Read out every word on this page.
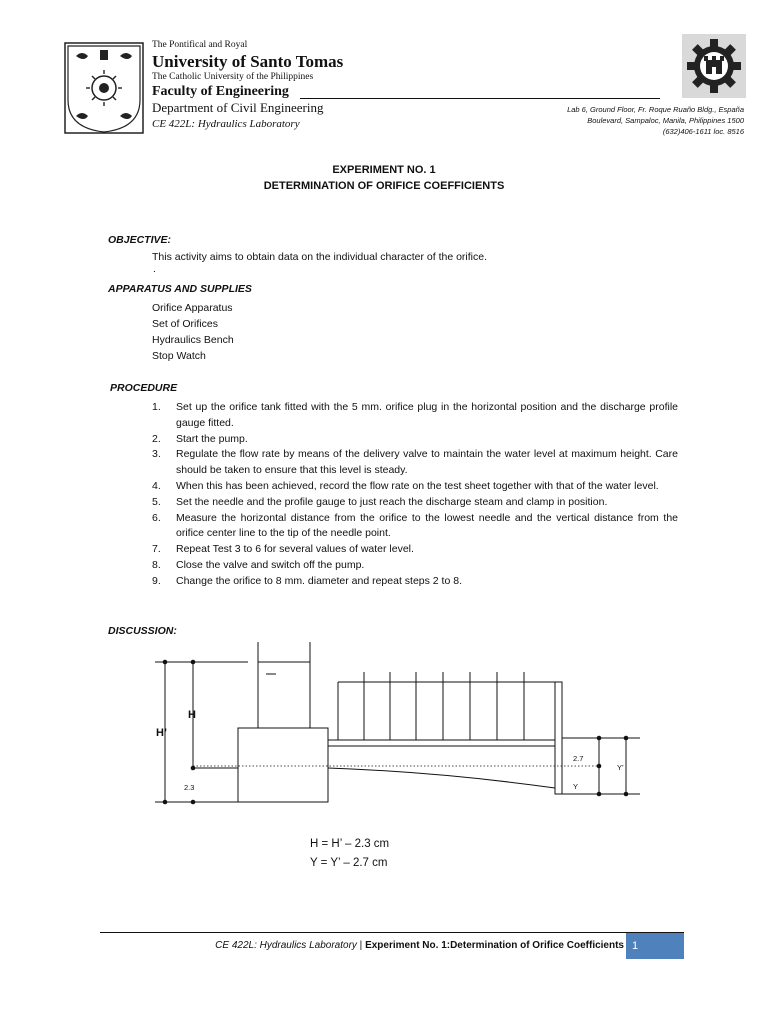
The Pontifical and Royal
University of Santo Tomas
The Catholic University of the Philippines
Faculty of Engineering
Department of Civil Engineering
CE 422L: Hydraulics Laboratory
Lab 6, Ground Floor, Fr. Roque Ruaño Bldg., España
Boulevard, Sampaloc, Manila, Philippines 1500
(632)406-1611 loc. 8516
EXPERIMENT NO. 1
DETERMINATION OF ORIFICE COEFFICIENTS
OBJECTIVE:
This activity aims to obtain data on the individual character of the orifice.
.
APPARATUS AND SUPPLIES
Orifice Apparatus
Set of Orifices
Hydraulics Bench
Stop Watch
PROCEDURE
1.	Set up the orifice tank fitted with the 5 mm. orifice plug in the horizontal position and the discharge profile gauge fitted.
2.	Start the pump.
3.	Regulate the flow rate by means of the delivery valve to maintain the water level at maximum height. Care should be taken to ensure that this level is steady.
4.	When this has been achieved, record the flow rate on the test sheet together with that of the water level.
5.	Set the needle and the profile gauge to just reach the discharge steam and clamp in position.
6.	Measure the horizontal distance from the orifice to the lowest needle and the vertical distance from the orifice center line to the tip of the needle point.
7.	Repeat Test 3 to 6 for several values of water level.
8.	Close the valve and switch off the pump.
9.	Change the orifice to 8 mm. diameter and repeat steps 2 to 8.
DISCUSSION:
H
H’
2.3
2.7
Y
Y’
H = H’ – 2.3 cm
Y = Y’ – 2.7 cm
CE 422L: Hydraulics Laboratory | Experiment No. 1:Determination of Orifice Coefficients 1
